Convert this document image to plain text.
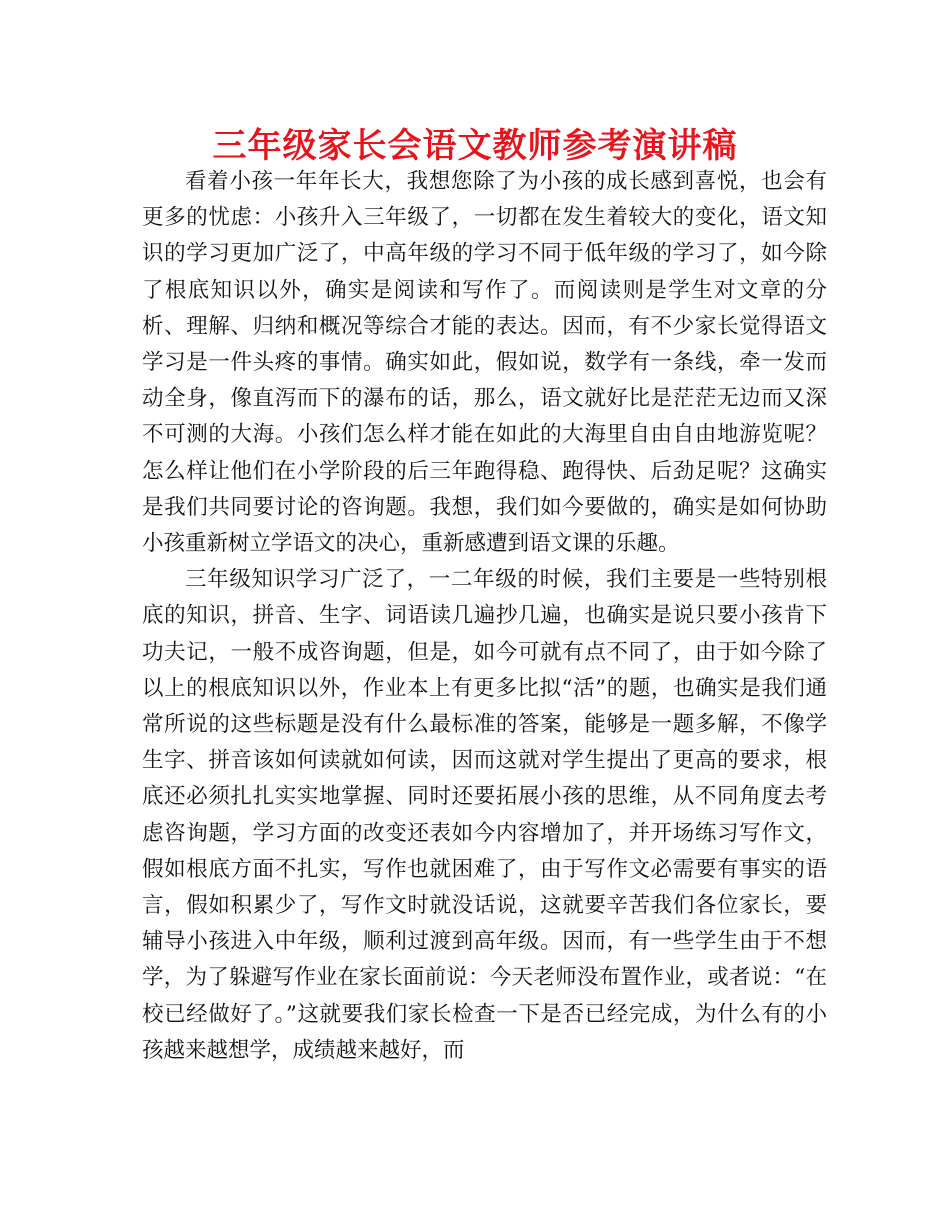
三年级家长会语文教师参考演讲稿

看着小孩一年年长大，我想您除了为小孩的成长感到喜悦，也会有更多的忧虑：小孩升入三年级了，一切都在发生着较大的变化，语文知识的学习更加广泛了，中高年级的学习不同于低年级的学习了，如今除了根底知识以外，确实是阅读和写作了。而阅读则是学生对文章的分析、理解、归纳和概况等综合才能的表达。因而，有不少家长觉得语文学习是一件头疼的事情。确实如此，假如说，数学有一条线，牵一发而动全身，像直泻而下的瀑布的话，那么，语文就好比是茫茫无边而又深不可测的大海。小孩们怎么样才能在如此的大海里自由自由地游览呢？怎么样让他们在小学阶段的后三年跑得稳、跑得快、后劲足呢？这确实是我们共同要讨论的咨询题。我想，我们如今要做的，确实是如何协助小孩重新树立学语文的决心，重新感遭到语文课的乐趣。

三年级知识学习广泛了，一二年级的时候，我们主要是一些特别根底的知识，拼音、生字、词语读几遍抄几遍，也确实是说只要小孩肯下功夫记，一般不成咨询题，但是，如今可就有点不同了，由于如今除了以上的根底知识以外，作业本上有更多比拟“活”的题，也确实是我们通常所说的这些标题是没有什么最标准的答案，能够是一题多解，不像学生字、拼音该如何读就如何读，因而这就对学生提出了更高的要求，根底还必须扎扎实实地掌握、同时还要拓展小孩的思维，从不同角度去考虑咨询题，学习方面的改变还表如今内容增加了，并开场练习写作文，假如根底方面不扎实，写作也就困难了，由于写作文必需要有事实的语言，假如积累少了，写作文时就没话说，这就要辛苦我们各位家长，要辅导小孩进入中年级，顺利过渡到高年级。因而，有一些学生由于不想学，为了躲避写作业在家长面前说：今天老师没布置作业，或者说：“在校已经做好了。”这就要我们家长检查一下是否已经完成，为什么有的小孩越来越想学，成绩越来越好，而
